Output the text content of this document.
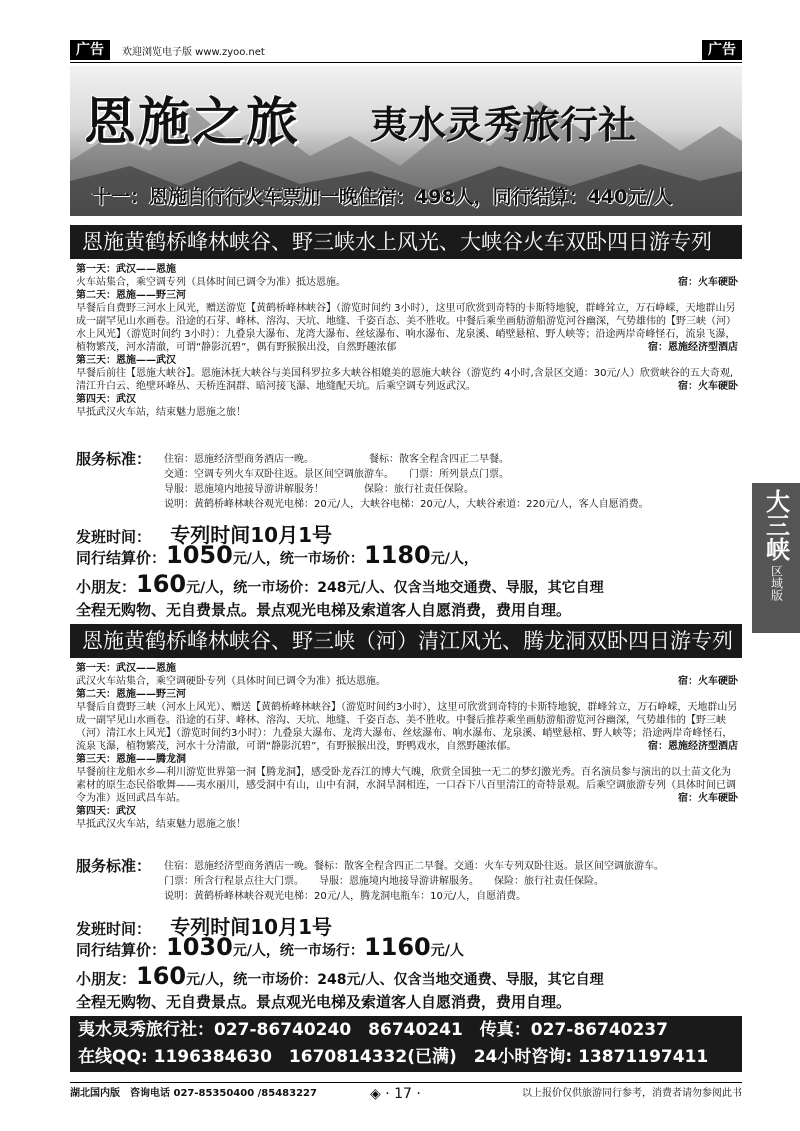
广告	欢迎浏览电子版 www.zyoo.net	广告
恩施之旅 夷水灵秀旅行社
十一：恩施自行行火车票加一晚住宿：498人，同行结算：440元/人
恩施黄鹤桥峰林峡谷、野三峡水上风光、大峡谷火车双卧四日游专列

第一天：武汉——恩施

宿：火车硬卧
火车站集合，乘空调专列（具体时间已调令为准）抵达恩施。

第二天：恩施——野三河

早餐后自费野三河水上风光，赠送游览【黄鹤桥峰林峡谷】（游览时间约 3小时），这里可欣赏到奇特的卡斯特地貌，群峰耸立，万石峥嵘，天地群山另成一副罕见山水画卷。沿途的石芽、峰林、溶沟、天坑、地缝、千姿百态、美不胜收。中餐后乘坐画舫游船游览河谷幽深，气势雄伟的【野三峡（河）水上风光】（游览时间约 3小时）：九叠泉大瀑布、龙湾大瀑布、丝炫瀑布、响水瀑布、龙泉溪、峭壁悬棺、野人峡等；沿途两岸奇峰怪石，流泉飞瀑，植物繁茂，河水清澈，可谓“静影沉碧”，偶有野猴猴出没，自然野趣浓郁	宿：恩施经济型酒店

第三天：恩施——武汉

早餐后前往【恩施大峡谷】。恩施沐抚大峡谷与美国科罗拉多大峡谷相媲美的恩施大峡谷（游览约 4小时,含景区交通：30元/人）欣赏峡谷的五大奇观,清江升白云、绝壁环峰丛、天桥连洞群、暗河接飞瀑、地缝配天坑。后乘空调专列返武汉。	宿：火车硬卧

第四天：武汉

早抵武汉火车站，结束魅力恩施之旅！

服务标准：	住宿：恩施经济型商务酒店一晚。　　　　　　餐标：散客全程含四正二早餐。
交通：空调专列火车双卧往返。景区间空调旅游车。　　门票：所列景点门票。
导服：恩施境内地接导游讲解服务！　　　　保险：旅行社责任保险。
说明：黄鹤桥峰林峡谷观光电梯：20元/人，大峡谷电梯：20元/人，大峡谷索道：220元/人，客人自愿消费。
发班时间： 专列时间10月1号
同行结算价：1050元/人，统一市场价：1180元/人，
小朋友：160元/人，统一市场价：248元/人、仅含当地交通费、导服，其它自理
全程无购物、无自费景点。景点观光电梯及索道客人自愿消费，费用自理。
恩施黄鹤桥峰林峡谷、野三峡（河）清江风光、腾龙洞双卧四日游专列

第一天：武汉——恩施

宿：火车硬卧
武汉火车站集合，乘空调硬卧专列（具体时间已调令为准）抵达恩施。

第二天：恩施——野三河

早餐后自费野三峡（河水上风光）、赠送【黄鹤桥峰林峡谷】（游览时间约3小时），这里可欣赏到奇特的卡斯特地貌，群峰耸立，万石峥嵘，天地群山另成一副罕见山水画卷。沿途的石芽、峰林、溶沟、天坑、地缝、千姿百态、美不胜收。中餐后推荐乘坐画舫游船游览河谷幽深，气势雄伟的【野三峡（河）清江水上风光】（游览时间约3小时）：九叠泉大瀑布、龙湾大瀑布、丝炫瀑布、响水瀑布、龙泉溪、峭壁悬棺、野人峡等；沿途两岸奇峰怪石，流泉飞瀑，植物繁茂，河水十分清澈，可谓“静影沉碧”，有野猴猴出没，野鸭戏水，自然野趣浓郁。	宿：恩施经济型酒店

第三天：恩施——腾龙洞

早餐前往龙船水乡—利川游览世界第一洞【腾龙洞】，感受卧龙吞江的博大气魄，欣赏全国独一无二的梦幻激光秀。百名演员参与演出的以土苗文化为素材的原生态民俗歌舞——夷水丽川，感受洞中有山，山中有洞，水洞旱洞相连，一口吞下八百里清江的奇特景观。后乘空调旅游专列（具体时间已调令为准）返回武昌车站。	宿：火车硬卧

第四天：武汉

早抵武汉火车站，结束魅力恩施之旅！

服务标准：	住宿：恩施经济型商务酒店一晚。餐标：散客全程含四正二早餐。交通：火车专列双卧往返。景区间空调旅游车。
门票：所含行程景点往大门票。　　导服：恩施境内地接导游讲解服务。　　保险：旅行社责任保险。
说明：黄鹤桥峰林峡谷观光电梯：20元/人，腾龙洞电瓶车：10元/人，自愿消费。
发班时间： 专列时间10月1号
同行结算价：1030元/人，统一市场行：1160元/人
小朋友：160元/人，统一市场价：248元/人、仅含当地交通费、导服，其它自理
全程无购物、无自费景点。景点观光电梯及索道客人自愿消费，费用自理。
夷水灵秀旅行社：027-86740240　86740241　传真：027-86740237
在线QQ: 1196384630　1670814332(已满)　24小时咨询: 13871197411
湖北国内版　咨询电话 027-85350400 /85483227	◈ · 17 ·	以上报价仅供旅游同行参考，消费者请勿参阅此书
大三峡
区域版
